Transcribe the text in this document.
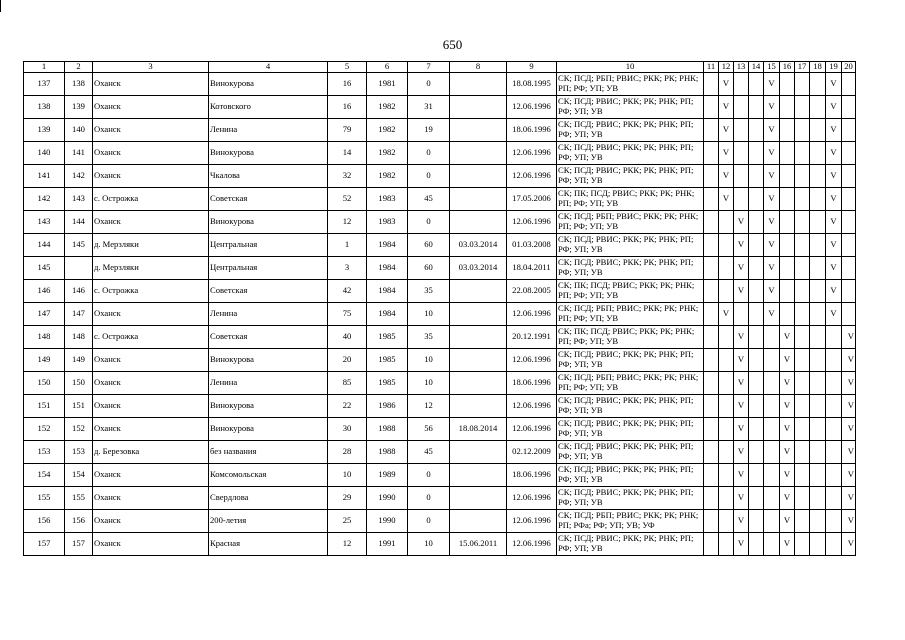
650
1	2	3	4	5	6	7	8	9	10	11	12	13	14	15	16	17	18	19	20
137	138	Оханск	Винокурова	16	1981	0		18.08.1995	СК; ПСД; РБП; РВИС; РКК; РК; РНК; РП; РФ; УП; УВ		V			V				V	
138	139	Оханск	Котовского	16	1982	31		12.06.1996	СК; ПСД; РВИС; РКК; РК; РНК; РП; РФ; УП; УВ		V			V				V	
139	140	Оханск	Ленина	79	1982	19		18.06.1996	СК; ПСД; РВИС; РКК; РК; РНК; РП; РФ; УП; УВ		V			V				V	
140	141	Оханск	Винокурова	14	1982	0		12.06.1996	СК; ПСД; РВИС; РКК; РК; РНК; РП; РФ; УП; УВ		V			V				V	
141	142	Оханск	Чкалова	32	1982	0		12.06.1996	СК; ПСД; РВИС; РКК; РК; РНК; РП; РФ; УП; УВ		V			V				V	
142	143	с. Острожка	Советская	52	1983	45		17.05.2006	СК; ПК; ПСД; РВИС; РКК; РК; РНК; РП; РФ; УП; УВ		V			V				V	
143	144	Оханск	Винокурова	12	1983	0		12.06.1996	СК; ПСД; РБП; РВИС; РКК; РК; РНК; РП; РФ; УП; УВ			V		V				V	
144	145	д. Мерзляки	Центральная	1	1984	60	03.03.2014	01.03.2008	СК; ПСД; РВИС; РКК; РК; РНК; РП; РФ; УП; УВ			V		V				V	
145		д. Мерзляки	Центральная	3	1984	60	03.03.2014	18.04.2011	СК; ПСД; РВИС; РКК; РК; РНК; РП; РФ; УП; УВ			V		V				V	
146	146	с. Острожка	Советская	42	1984	35		22.08.2005	СК; ПК; ПСД; РВИС; РКК; РК; РНК; РП; РФ; УП; УВ			V		V				V	
147	147	Оханск	Ленина	75	1984	10		12.06.1996	СК; ПСД; РБП; РВИС; РКК; РК; РНК; РП; РФ; УП; УВ		V			V				V	
148	148	с. Острожка	Советская	40	1985	35		20.12.1991	СК; ПК; ПСД; РВИС; РКК; РК; РНК; РП; РФ; УП; УВ			V			V				V
149	149	Оханск	Винокурова	20	1985	10		12.06.1996	СК; ПСД; РВИС; РКК; РК; РНК; РП; РФ; УП; УВ			V			V				V
150	150	Оханск	Ленина	85	1985	10		18.06.1996	СК; ПСД; РБП; РВИС; РКК; РК; РНК; РП; РФ; УП; УВ			V			V				V
151	151	Оханск	Винокурова	22	1986	12		12.06.1996	СК; ПСД; РВИС; РКК; РК; РНК; РП; РФ; УП; УВ			V			V				V
152	152	Оханск	Винокурова	30	1988	56	18.08.2014	12.06.1996	СК; ПСД; РВИС; РКК; РК; РНК; РП; РФ; УП; УВ			V			V				V
153	153	д. Березовка	без названия	28	1988	45		02.12.2009	СК; ПСД; РВИС; РКК; РК; РНК; РП; РФ; УП; УВ			V			V				V
154	154	Оханск	Комсомольская	10	1989	0		18.06.1996	СК; ПСД; РВИС; РКК; РК; РНК; РП; РФ; УП; УВ			V			V				V
155	155	Оханск	Свердлова	29	1990	0		12.06.1996	СК; ПСД; РВИС; РКК; РК; РНК; РП; РФ; УП; УВ			V			V				V
156	156	Оханск	200-летия	25	1990	0		12.06.1996	СК; ПСД; РБП; РВИС; РКК; РК; РНК; РП; РФа; РФ; УП; УВ; УФ			V			V				V
157	157	Оханск	Красная	12	1991	10	15.06.2011	12.06.1996	СК; ПСД; РВИС; РКК; РК; РНК; РП; РФ; УП; УВ			V			V				V
